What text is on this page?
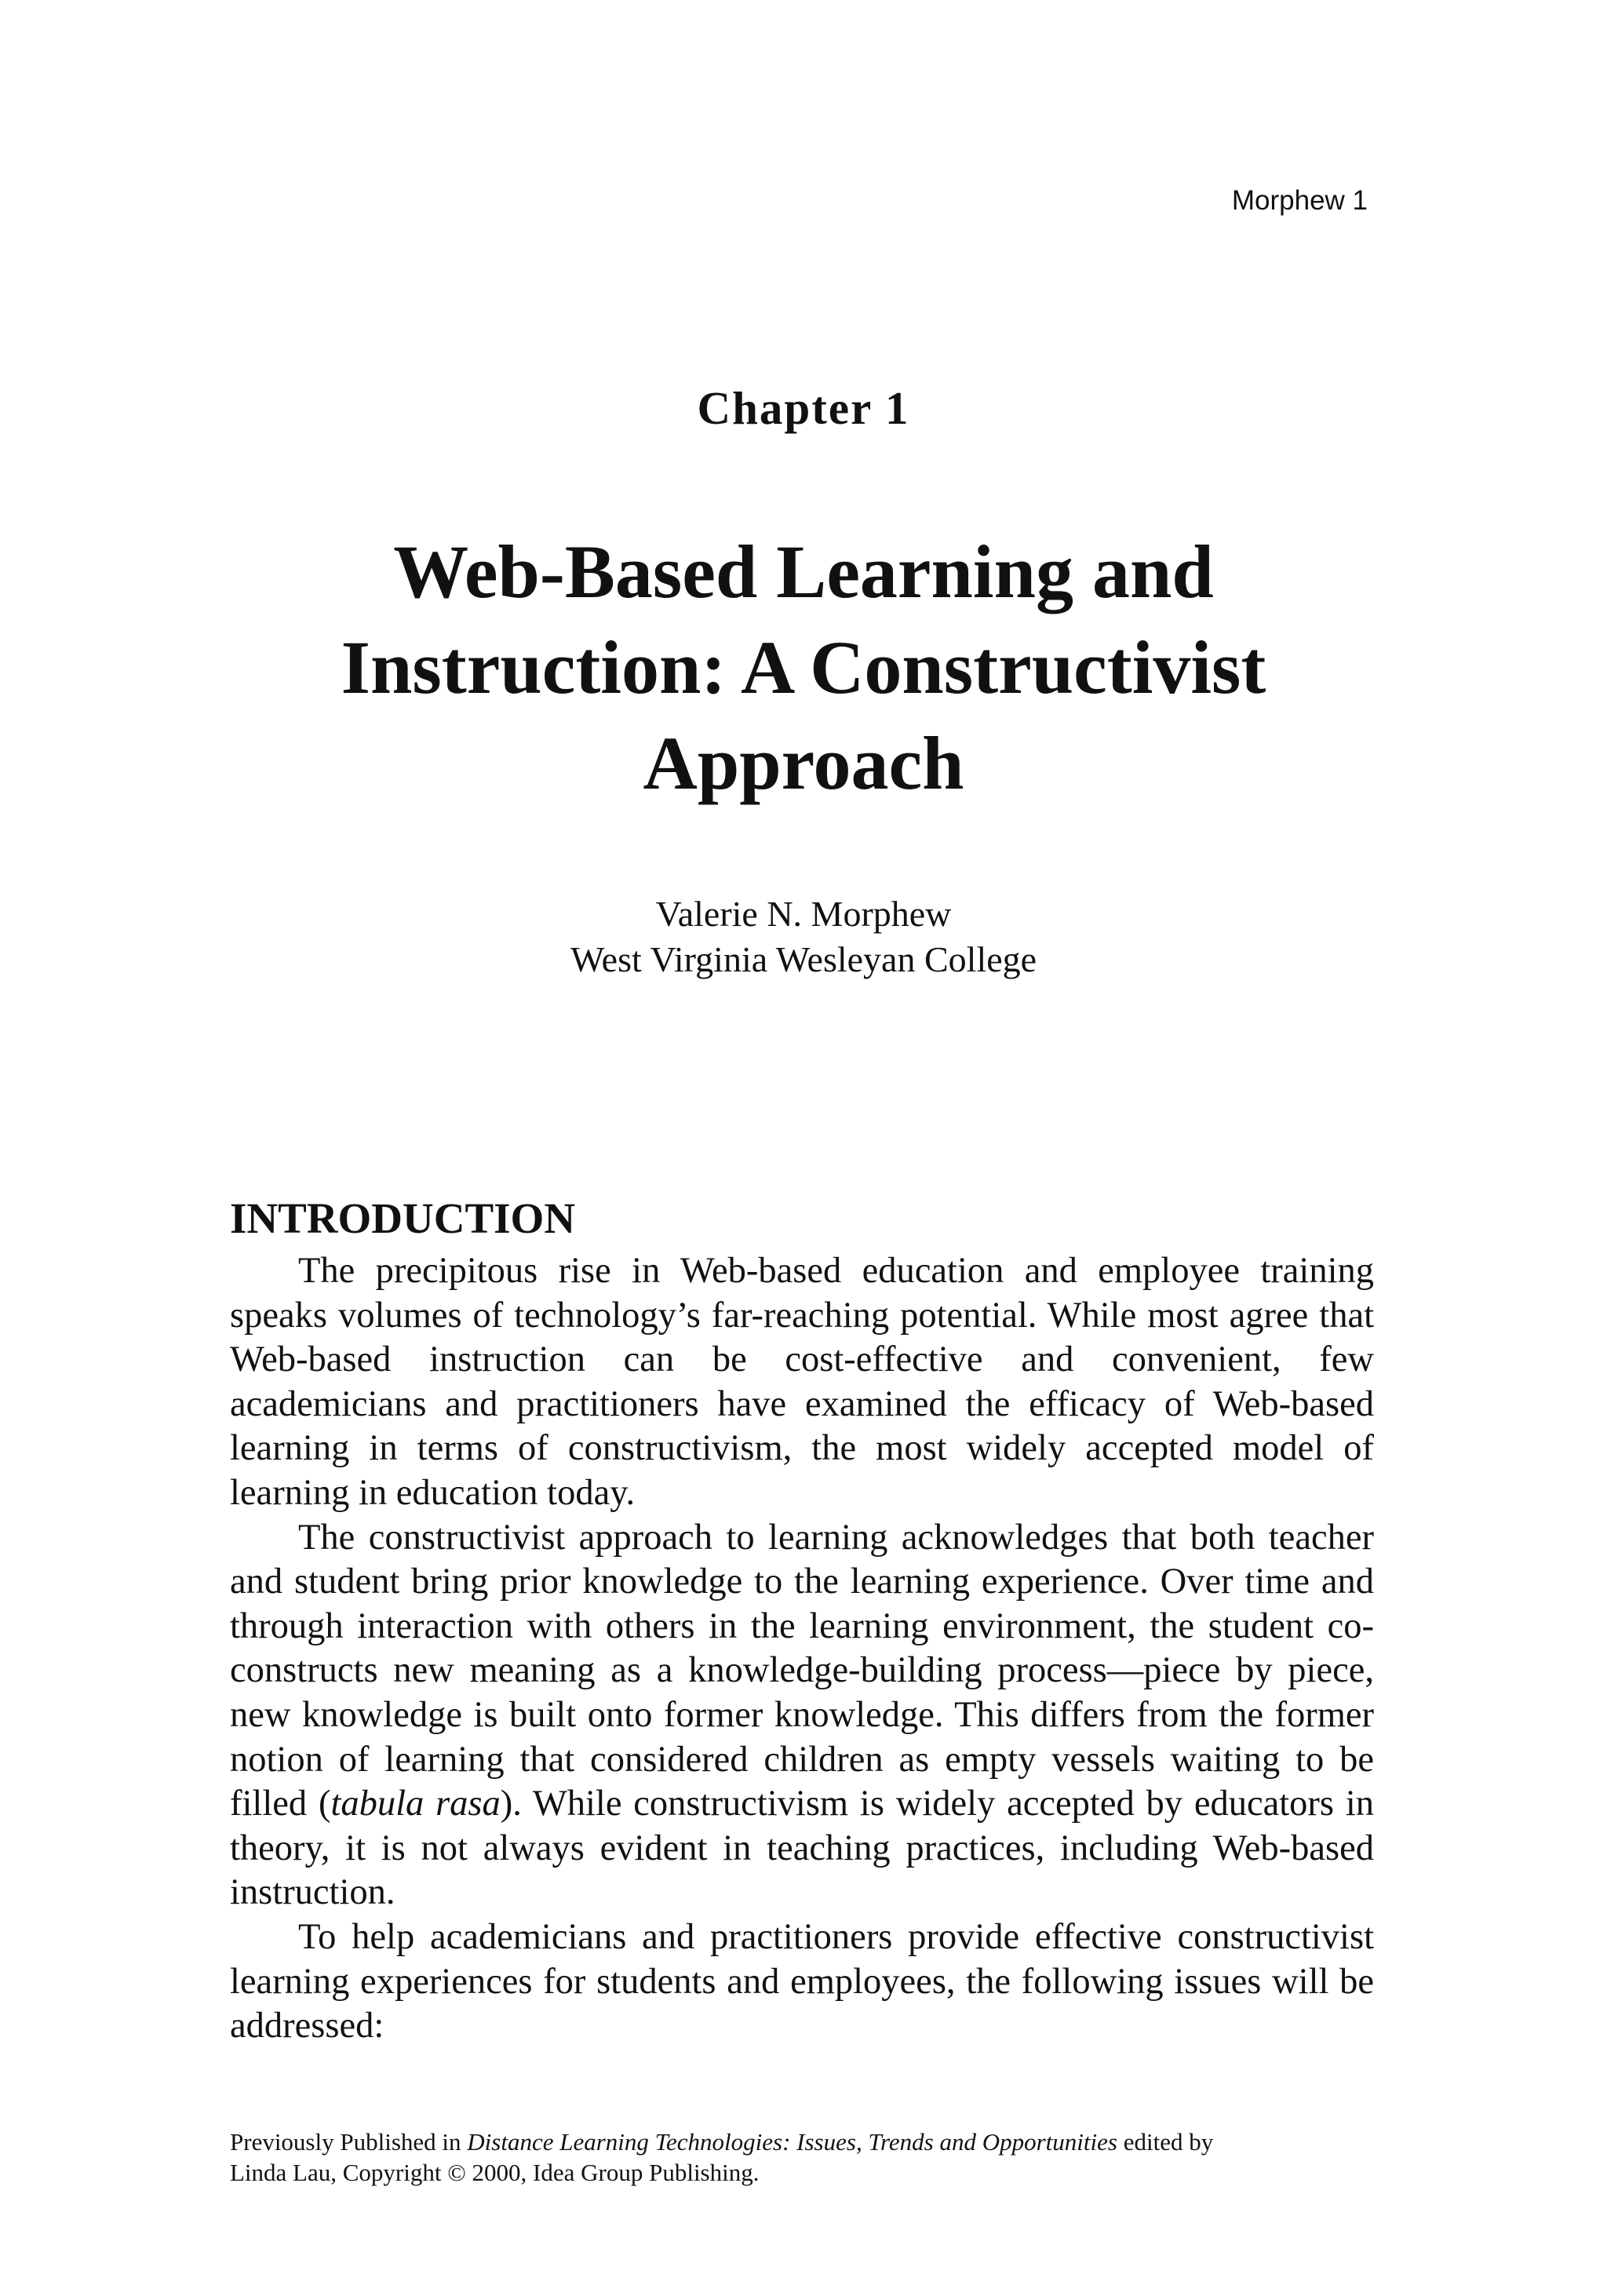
Morphew 1
Chapter 1
Web-Based Learning and
Instruction: A Constructivist
Approach
Valerie N. Morphew
West Virginia Wesleyan College
INTRODUCTION

The precipitous rise in Web-based education and employee training speaks volumes of technology’s far-reaching potential. While most agree that Web-based instruction can be cost-effective and convenient, few academicians and practitioners have examined the efficacy of Web-based learning in terms of constructivism, the most widely accepted model of learning in education today.

The constructivist approach to learning acknowledges that both teacher and student bring prior knowledge to the learning experience. Over time and through interaction with others in the learning environment, the student co-constructs new meaning as a knowledge-building process—piece by piece, new knowledge is built onto former knowledge. This differs from the former notion of learning that considered children as empty vessels waiting to be filled (tabula rasa). While constructivism is widely accepted by educators in theory, it is not always evident in teaching practices, including Web-based instruction.

To help academicians and practitioners provide effective constructivist learning experiences for students and employees, the following issues will be addressed:

Previously Published in Distance Learning Technologies: Issues, Trends and Opportunities edited by
Linda Lau, Copyright © 2000, Idea Group Publishing.
